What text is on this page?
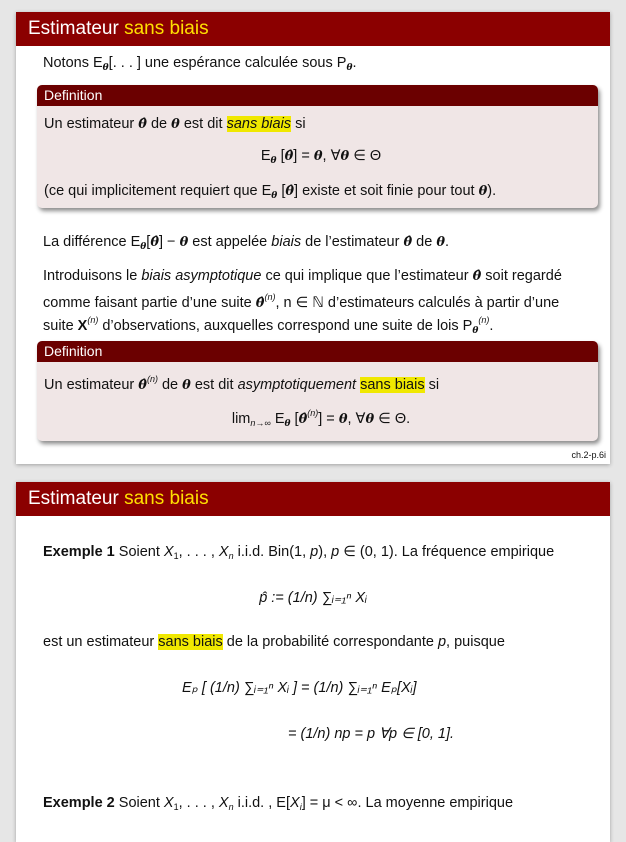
Estimateur sans biais
Notons $E_\theta$[. . . ] une espérance calculée sous $P_\theta$.
Definition
Un estimateur θ̂ de θ est dit sans biais si
$E_\theta$ [θ̂] = θ, ∀θ ∈ Θ
(ce qui implicitement requiert que $E_\theta$ [θ̂] existe et soit finie pour tout θ).
La différence $E_\theta[\thetâ] - \theta$ est appelée biais de l’estimateur θ̂ de θ.
Introduisons le biais asymptotique ce qui implique que l’estimateur θ̂ soit regardé
comme faisant partie d’une suite θ̂$^{(n)}$, n ∈ ℕ d’estimateurs calculés à partir d’une
suite $X^{(n)}$ d’observations, auxquelles correspond une suite de lois $P_\theta^{(n)}$.
Definition
Un estimateur θ̂$^{(n)}$ de θ est dit asymptotiquement sans biais si
$\lim_{n\to\infty} E_\theta$ [θ̂$^{(n)}$] = θ, ∀θ ∈ Θ.
ch.2-p.6i
Estimateur sans biais
Exemple 1 Soient $X_1$, . . . , $X_n$ i.i.d. Bin(1, p), p ∈ (0, 1). La fréquence empirique
p̂ := (1/n) ∑ᵢ₌₁ⁿ Xᵢ
est un estimateur sans biais de la probabilité correspondante p, puisque
Eₚ [ (1/n) ∑ᵢ₌₁ⁿ Xᵢ ] = (1/n) ∑ᵢ₌₁ⁿ Eₚ[Xᵢ]
= (1/n) np = p ∀p ∈ [0, 1].
Exemple 2 Soient $X_1$, . . . , $X_n$ i.i.d. , $E[X_i] = \mu$ < ∞. La moyenne empirique
